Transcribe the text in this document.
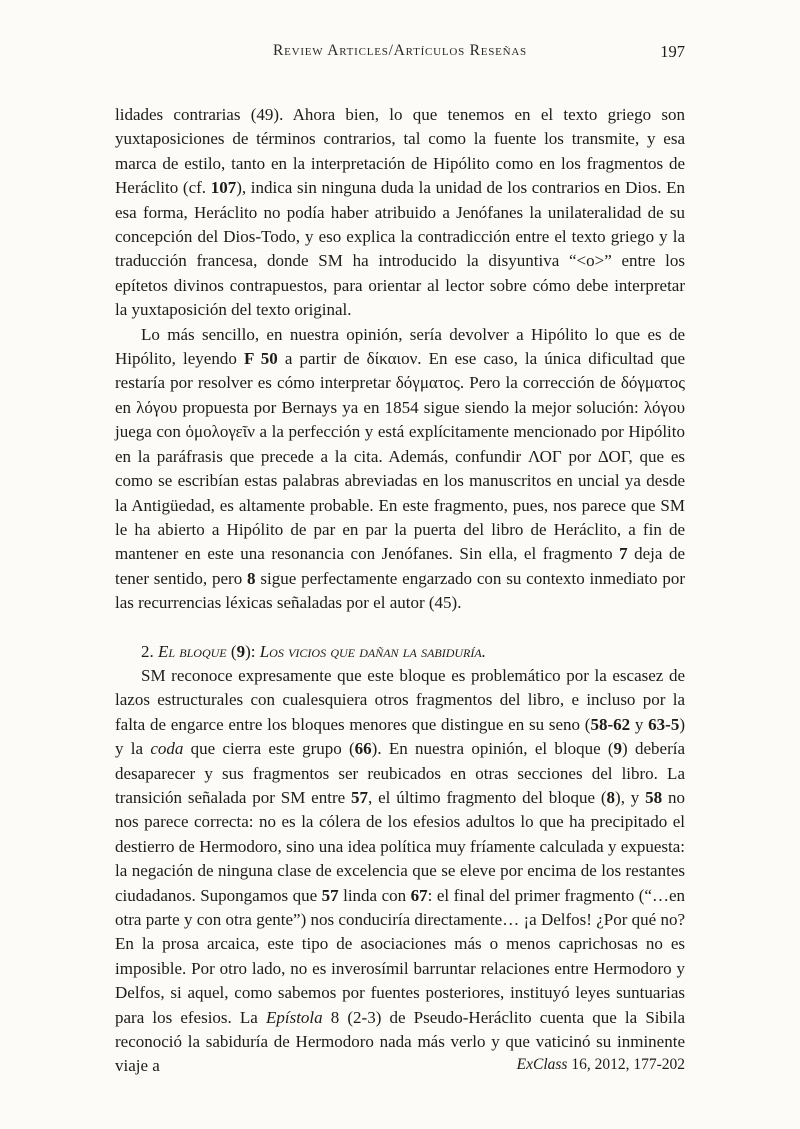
Review Articles/Artículos Reseñas	197

lidades contrarias (49). Ahora bien, lo que tenemos en el texto griego son yuxtaposiciones de términos contrarios, tal como la fuente los transmite, y esa marca de estilo, tanto en la interpretación de Hipólito como en los fragmentos de Heráclito (cf. 107), indica sin ninguna duda la unidad de los contrarios en Dios. En esa forma, Heráclito no podía haber atribuido a Jenófanes la unilateralidad de su concepción del Dios-Todo, y eso explica la contradicción entre el texto griego y la traducción francesa, donde SM ha introducido la disyuntiva “<o>” entre los epítetos divinos contrapuestos, para orientar al lector sobre cómo debe interpretar la yuxtaposición del texto original.

Lo más sencillo, en nuestra opinión, sería devolver a Hipólito lo que es de Hipólito, leyendo F 50 a partir de δίκαιον. En ese caso, la única dificultad que restaría por resolver es cómo interpretar δόγματος. Pero la corrección de δόγματος en λόγου propuesta por Bernays ya en 1854 sigue siendo la mejor solución: λόγου juega con ὁμολογεῖν a la perfección y está explícitamente mencionado por Hipólito en la paráfrasis que precede a la cita. Además, confundir ΛΟΓ por ΔΟΓ, que es como se escribían estas palabras abreviadas en los manuscritos en uncial ya desde la Antigüedad, es altamente probable. En este fragmento, pues, nos parece que SM le ha abierto a Hipólito de par en par la puerta del libro de Heráclito, a fin de mantener en este una resonancia con Jenófanes. Sin ella, el fragmento 7 deja de tener sentido, pero 8 sigue perfectamente engarzado con su contexto inmediato por las recurrencias léxicas señaladas por el autor (45).

2. El bloque (9): Los vicios que dañan la sabiduría.

SM reconoce expresamente que este bloque es problemático por la escasez de lazos estructurales con cualesquiera otros fragmentos del libro, e incluso por la falta de engarce entre los bloques menores que distingue en su seno (58-62 y 63-5) y la coda que cierra este grupo (66). En nuestra opinión, el bloque (9) debería desaparecer y sus fragmentos ser reubicados en otras secciones del libro. La transición señalada por SM entre 57, el último fragmento del bloque (8), y 58 no nos parece correcta: no es la cólera de los efesios adultos lo que ha precipitado el destierro de Hermodoro, sino una idea política muy fríamente calculada y expuesta: la negación de ninguna clase de excelencia que se eleve por encima de los restantes ciudadanos. Supongamos que 57 linda con 67: el final del primer fragmento (“…en otra parte y con otra gente”) nos conduciría directamente… ¡a Delfos! ¿Por qué no? En la prosa arcaica, este tipo de asociaciones más o menos caprichosas no es imposible. Por otro lado, no es inverosímil barruntar relaciones entre Hermodoro y Delfos, si aquel, como sabemos por fuentes posteriores, instituyó leyes suntuarias para los efesios. La Epístola 8 (2-3) de Pseudo-Heráclito cuenta que la Sibila reconoció la sabiduría de Hermodoro nada más verlo y que vaticinó su inminente viaje a	ExClass 16, 2012, 177-202
